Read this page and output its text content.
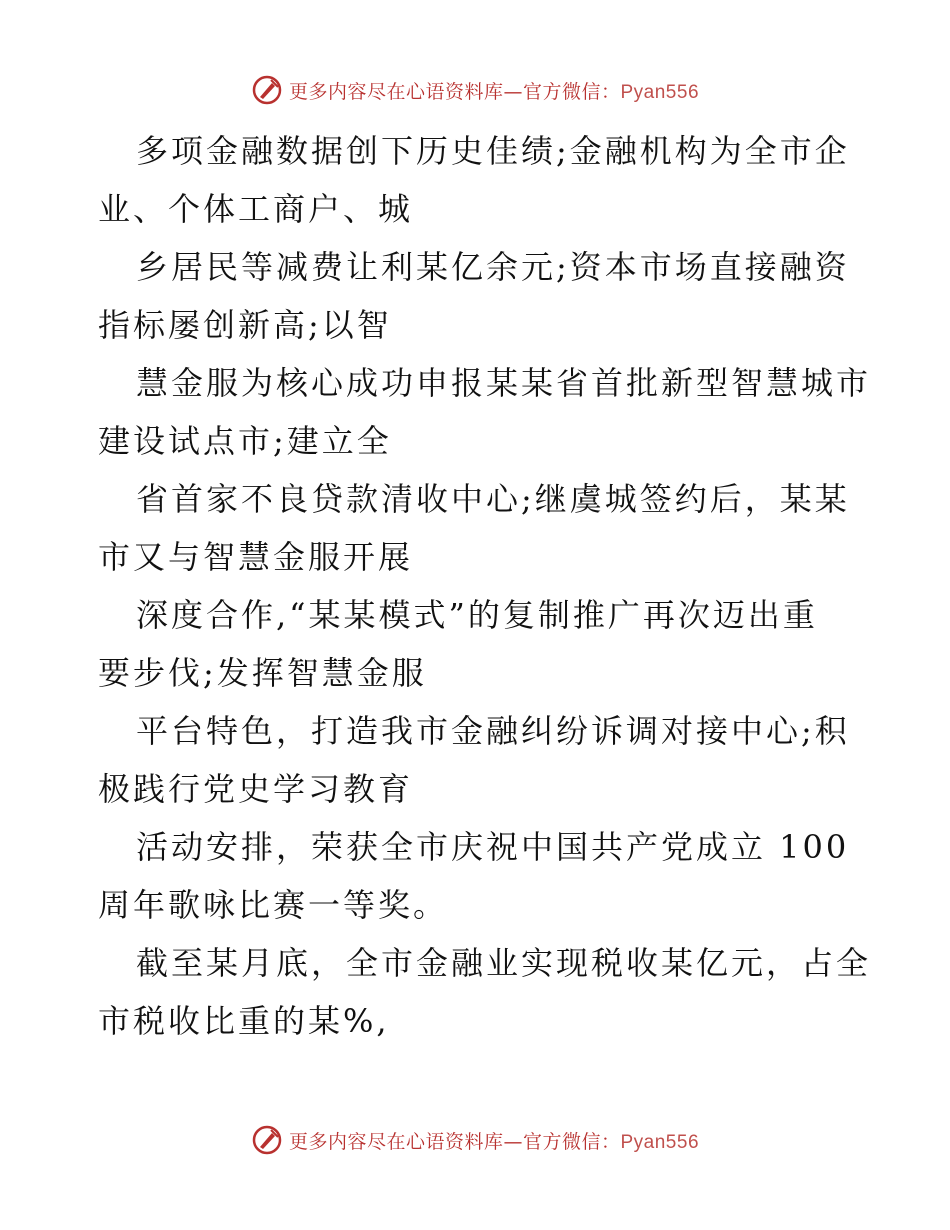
更多内容尽在心语资料库—官方微信：Pyan556
多项金融数据创下历史佳绩;金融机构为全市企
业、个体工商户、城
乡居民等减费让利某亿余元;资本市场直接融资
指标屡创新高;以智
慧金服为核心成功申报某某省首批新型智慧城市
建设试点市;建立全
省首家不良贷款清收中心;继虞城签约后，某某
市又与智慧金服开展
深度合作,“某某模式”的复制推广再次迈出重
要步伐;发挥智慧金服
平台特色，打造我市金融纠纷诉调对接中心;积
极践行党史学习教育
活动安排，荣获全市庆祝中国共产党成立 100
周年歌咏比赛一等奖。
截至某月底，全市金融业实现税收某亿元，占全
市税收比重的某%,
更多内容尽在心语资料库—官方微信：Pyan556
